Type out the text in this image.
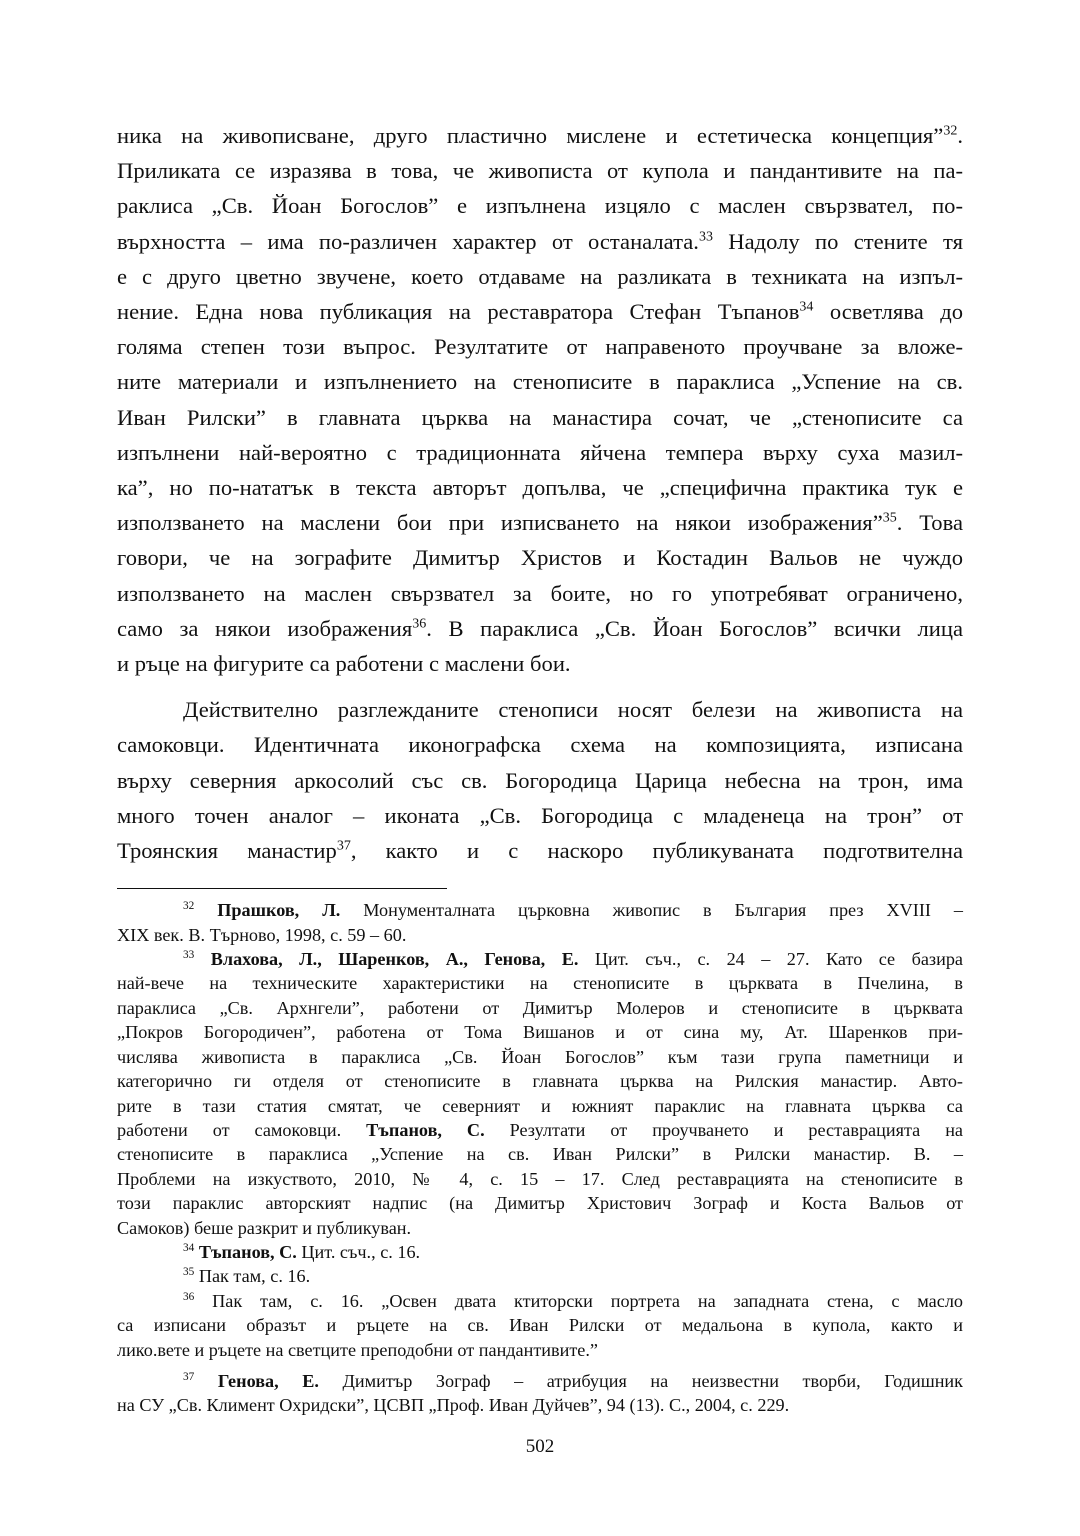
ника на живописване, друго пластично мислене и естетическа концепция”$^{32}$.
Приликата се изразява в това, че живописта от купола и пандантивите на па-
раклиса „Св. Йоан Богослов” е изпълнена изцяло с маслен свързвател, по-
върхността – има по-различен характер от останалата.$^{33}$ Надолу по стените тя
е с друго цветно звучене, което отдаваме на разликата в техниката на изпъл-
нение. Една нова публикация на реставратора Стефан Тъпанов$^{34}$ осветлява до
голяма степен този въпрос. Резултатите от направеното проучване за вложе-
ните материали и изпълнението на стенописите в параклиса „Успение на св.
Иван Рилски” в главната църква на манастира сочат, че „стенописите са
изпълнени най-вероятно с традиционната яйчена темпера върху суха мазил-
ка”, но по-нататък в текста авторът допълва, че „специфична практика тук е
използването на маслени бои при изписването на някои изображения”$^{35}$. Това
говори, че на зографите Димитър Христов и Костадин Вальов не чуждо
използването на маслен свързвател за боите, но го употребяват ограничено,
само за някои изображения$^{36}$. В параклиса „Св. Йоан Богослов” всички лица
и ръце на фигурите са работени с маслени бои.
Действително разглежданите стенописи носят белези на живописта на
самоковци. Идентичната иконографска схема на композицията, изписана
върху северния аркосолий със св. Богородица Царица небесна на трон, има
много точен аналог – иконата „Св. Богородица с младенеца на трон” от
Троянския манастир$^{37}$, както и с наскоро публикуваната подготвителна
$^{32}$ Прашков, Л. Монументалната църковна живопис в България през XVIII –
XIX век. В. Търново, 1998, с. 59 – 60.
$^{33}$ Влахова, Л., Шаренков, А., Генова, Е. Цит. съч., с. 24 – 27. Като се базира
най-вече на техническите характеристики на стенописите в църквата в Пчелина, в
параклиса „Св. Архнгели”, работени от Димитър Молеров и стенописите в църквата
„Покров Богородичен”, работена от Тома Вишанов и от сина му, Ат. Шаренков при-
числява живописта в параклиса „Св. Йоан Богослов” към тази група паметници и
категорично ги отделя от стенописите в главната църква на Рилския манастир. Авто-
рите в тази статия смятат, че северният и южният параклис на главната църква са
работени от самоковци. Тъпанов, С. Резултати от проучването и реставрацията на
стенописите в параклиса „Успение на св. Иван Рилски” в Рилски манастир. В. –
Проблеми на изкуството, 2010, № 4, с. 15 – 17. След реставрацията на стенописите в
този параклис авторският надпис (на Димитър Христович Зограф и Коста Вальов от
Самоков) беше разкрит и публикуван.
$^{34}$ Тъпанов, С. Цит. съч., с. 16.
$^{35}$ Пак там, с. 16.
$^{36}$ Пак там, с. 16. „Освен двата ктиторски портрета на западната стена, с масло
са изписани образът и ръцете на св. Иван Рилски от медальона в купола, както и
лико.вете и ръцете на светците преподобни от пандантивите.”
$^{37}$ Генова, Е. Димитър Зограф – атрибуция на неизвестни творби, Годишник
на СУ „Св. Климент Охридски”, ЦСВП „Проф. Иван Дуйчев”, 94 (13). С., 2004, с. 229.
502
